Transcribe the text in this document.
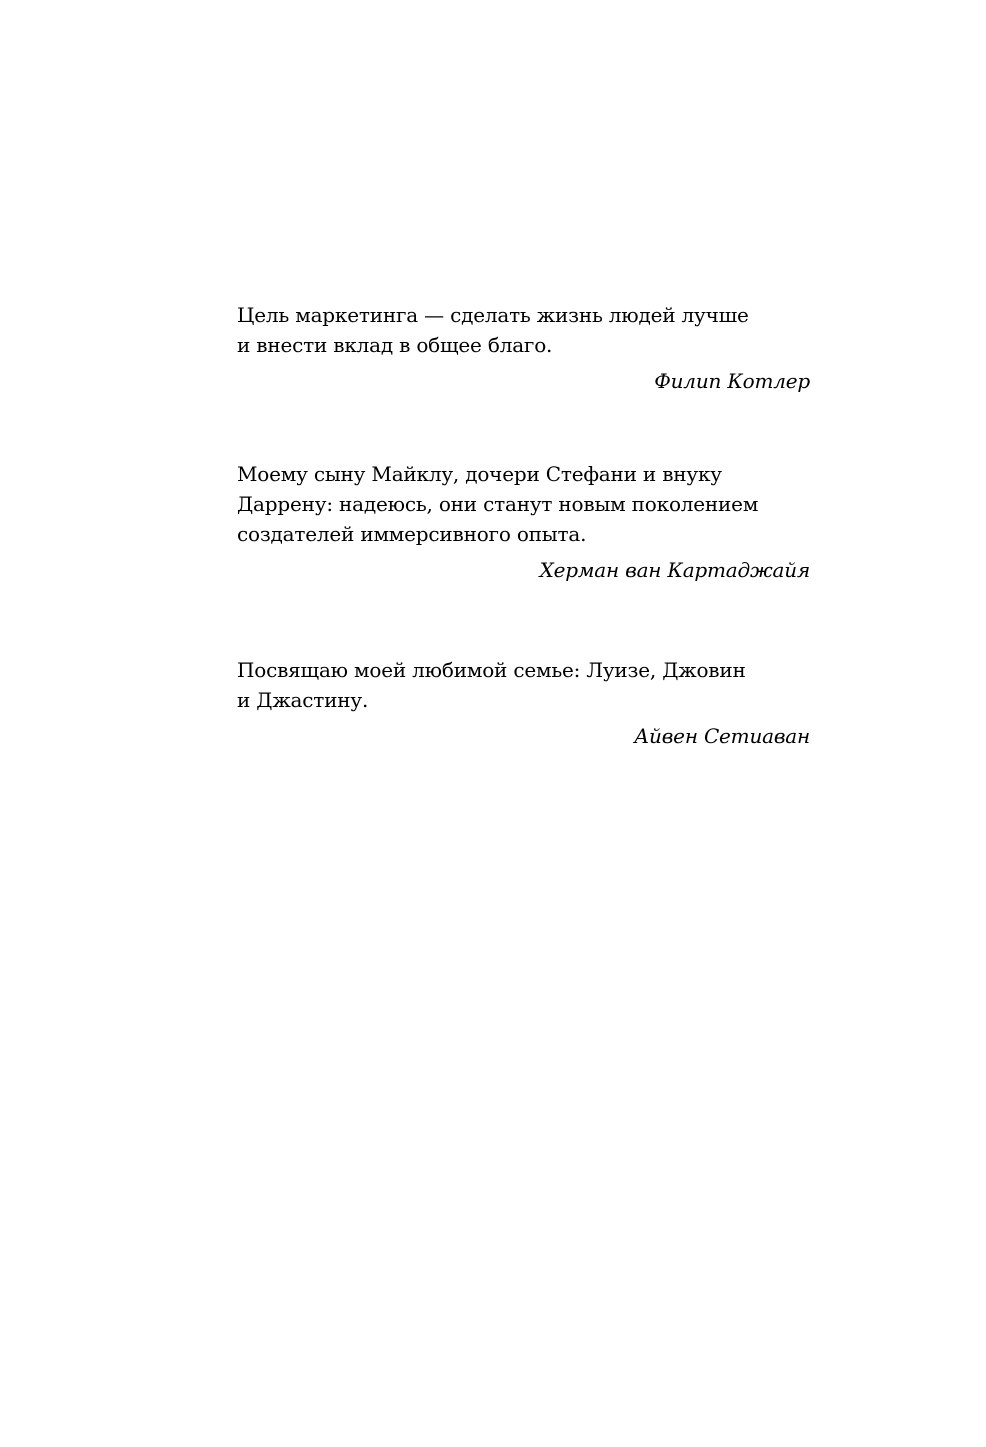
Цель маркетинга — сделать жизнь людей лучше
и внести вклад в общее благо.
Филип Котлер
Моему сыну Майклу, дочери Стефани и внуку
Даррену: надеюсь, они станут новым поколением
создателей иммерсивного опыта.
Херман ван Картаджайя
Посвящаю моей любимой семье: Луизе, Джовин
и Джастину.
Айвен Сетиаван
